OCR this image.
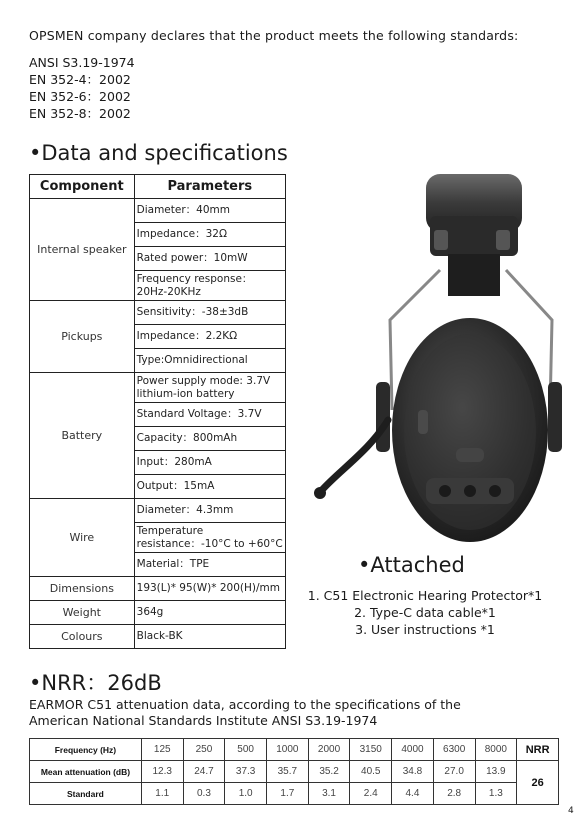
OPSMEN company declares that the product meets the following standards:
ANSI S3.19-1974
EN 352-4：2002
EN 352-6：2002
EN 352-8：2002
•Data and specifications
Component	Parameters
Internal speaker	Diameter：40mm
	Impedance：32Ω
	Rated power：10mW

	Frequency response：
20Hz-20KHz

Pickups	Sensitivity：-38±3dB
	Impedance：2.2KΩ
	Type:Omnidirectional
Battery	Power supply mode: 3.7V
lithium-ion battery

	Standard Voltage：3.7V
	Capacity：800mAh
	Input：280mA
	Output：15mA
Wire	Diameter：4.3mm

	Temperature
resistance：-10°C to +60°C

	Material：TPE
Dimensions	193(L)* 95(W)* 200(H)/mm
Weight	364g
Colours	Black-BK
•Attached
1. C51 Electronic Hearing Protector*1
2. Type-C data cable*1
3. User instructions *1
•NRR：26dB
EARMOR C51 attenuation data, according to the specifications of the
American National Standards Institute ANSI S3.19-1974
Frequency (Hz)	125	250	500	1000	2000	3150	4000	6300	8000	NRR
Mean attenuation (dB)	12.3	24.7	37.3	35.7	35.2	40.5	34.8	27.0	13.9	26
Standard	1.1	0.3	1.0	1.7	3.1	2.4	4.4	2.8	1.3	
4
